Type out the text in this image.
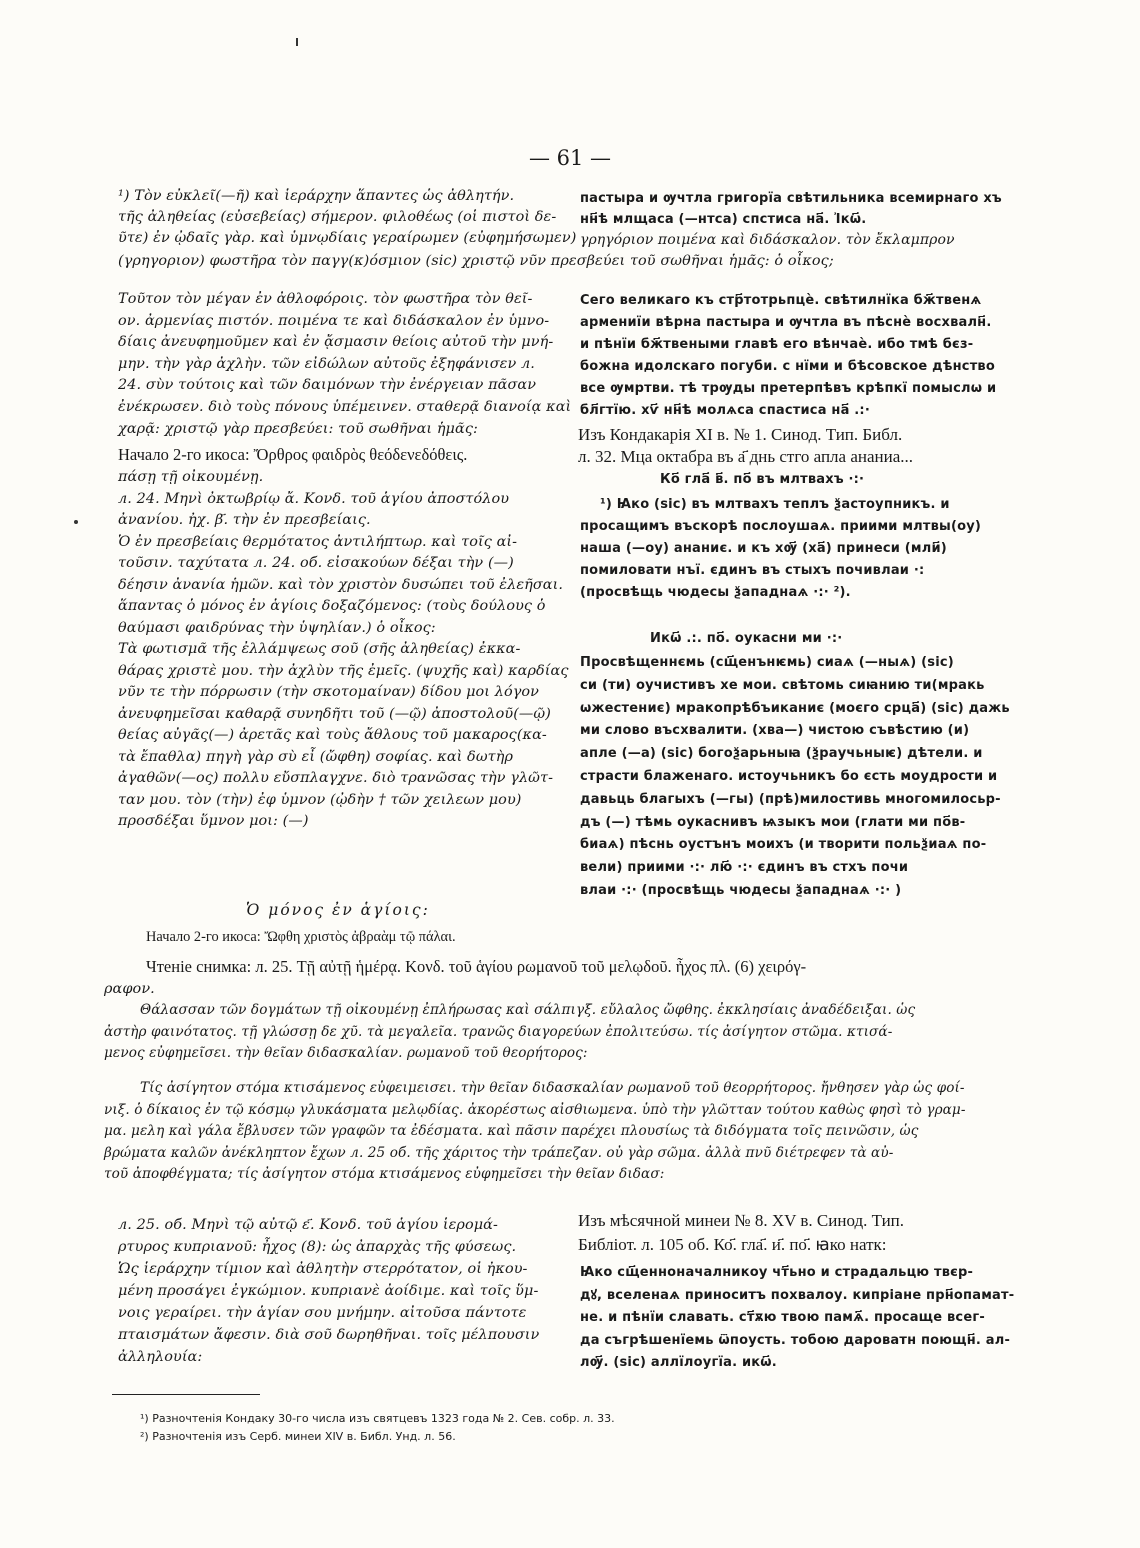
— 61 —
¹) Τὸν εὐκλεῖ(—ῆ) καὶ ἱεράρχην ἅπαντες ὡς ἀθλητήν.
τῆς ἀληθείας (εὐσεβείας) σήμερον. φιλοθέως (οἱ πιστοὶ δε-
ῦτε) ἐν ᾠδαῖς γὰρ. καὶ ὑμνῳδίαις γεραίρωμεν (εὐφημήσωμεν)
пастыра и ѹчтла григорїа свѣтильника всемирнаго хъ
нн҃ѣ млщаса (—нтса) спстиса на҃. Ἰкѡ҃.
γρηγόριον ποιμένα καὶ διδάσκαλον. τὸν ἔκλαμπρον
(γρηγοριον) φωστῆρα τὸν παγγ(κ)όσμιον (sic) χριστῷ νῦν πρεσβεύει τοῦ σωθῆναι ἡμᾶς: ὁ οἶκος;
Τοῦτον τὸν μέγαν ἐν ἀθλοφόροις. τὸν φωστῆρα τὸν θεῖ-
ον. ἀρμενίας πιστόν. ποιμένα τε καὶ διδάσκαλον ἐν ὑμνο-
δίαις ἀνευφημοῦμεν καὶ ἐν ᾄσμασιν θείοις αὐτοῦ τὴν μνή-
μην. τὴν γὰρ ἀχλὴν. τῶν εἰδώλων αὐτοῦς ἐξηφάνισεν л.
24. σὺν τούτοις καὶ τῶν δαιμόνων τὴν ἐνέργειαν πᾶσαν
ἐνέκρωσεν. διὸ τοὺς πόνους ὑπέμεινεν. σταθερᾷ διανοίᾳ καὶ
χαρᾷ: χριστῷ γὰρ πρεσβεύει: τοῦ σωθῆναι ἡμᾶς:
Начало 2-го икоса: Ὄρθρος φαιδρὸς θεόδενεδόθεις.
πάσῃ τῇ οἰκουμένῃ.
л. 24. Μηνὶ ὀκτωβρίῳ ἄ. Κονδ. τοῦ ἁγίου ἀποστόλου
ἀνανίου. ἠχ. β҃. τὴν ἐν πρεσβείαις.
Ὁ ἐν πρεσβείαις θερμότατος ἀντιλήπτωρ. καὶ τοῖς αἰ-
τοῦσιν. ταχύτατα л. 24. об. εἰσακούων δέξαι τὴν (—)
δέησιν ἀνανία ἡμῶν. καὶ τὸν χριστὸν δυσώπει τοῦ ἐλεῆσαι.
ἅπαντας ὁ μόνος ἐν ἁγίοις δοξαζόμενος: (τοὺς δούλους ὁ
θαύμασι φαιδρύνας τὴν ὑψηλίαν.) ὁ οἶκος:
Τὰ φωτισμᾶ τῆς ἐλλάμψεως σοῦ (σῆς ἀληθείας) ἐκκα-
θάρας χριστὲ μου. τὴν ἀχλὺν τῆς ἐμεῖς. (ψυχῆς καὶ) καρδίας
νῦν τε τὴν πόρρωσιν (τὴν σκοτομαίναν) δίδου μοι λόγον
ἀνευφημεῖσαι καθαρᾷ συνηδῆτι τοῦ (—ῷ) ἀποστολοῦ(—ῷ)
θείας αὐγᾶς(—) ἀρετᾶς καὶ τοὺς ἄθλους τοῦ μακαρος(κα-
τὰ ἔπαθλα) πηγὴ γὰρ σὺ εἶ (ὤφθη) σοφίας. καὶ δωτὴρ
ἀγαθῶν(—ος) πολλυ εὔσπλαγχνε. διὸ τρανῶσας τὴν γλῶτ-
ταν μου. τὸν (τὴν) ἐφ ὑμνον (ᾠδὴν † τῶν χειλεων μου)
προσδέξαι ὕμνον μοι: (—)
Ὁ μόνος ἐν ἁγίοις:
Сего великаго къ стр҃тотрьпцѐ. свѣтилнїка бж҃твенѧ
армениїи вѣрна пастыра и ѹчтла въ пѣснѐ восхвалн҃.
и пѣнїи бж҃твеными главѣ его вѣнчаѐ. ибо тмѣ бєз-
божна идолскаго погуби. с нїми и бѣсовское дѣнство
все ѹмртви. тѣ трѹды претерпѣвъ крѣпкї помыслѡ и
бл҃гтїю. хѵ҃ нн҃ѣ молѧса спастиса на҃ .:·
Изъ Кондакарія XI в. № 1. Синод. Тип. Библ.
л. 32. Мца октабра въ а҃ днь стго апла ананиа...
Ко҃ гла҃ в҃. по҃ въ млтвахъ ·:·
¹) Ꙗко (sic) въ млтвахъ теплъ ѯастоупникъ. и
просащимъ въскорѣ послоушаѧ. приими млтвы(оу)
наша (—оу) ананиє. и къ хѹ҃ (ха҃) принеси (мли҃)
помиловати нъї. єдинъ въ стыхъ почивлаи ·:
(просвѣщь чюдесы ѯападнаѧ ·:· ²).
Икѡ҃ .:. по҃. оукасни ми ·:·
Просвѣщеннємь (сщ҃енънѥмь) сиаѧ (—ныѧ) (sic)
си (ти) оучистивъ хе мои. свѣтомь сиꙗнию ти(мракь
ѡжестениє) мракопрѣбъиканиє (моєго срца҃) (sic) дажь
ми слово въсхвалити. (хва—) чистою съвѣстию (и)
апле (—а) (sic) богоѯарьныꙗ (ѯраучьныѥ) дѣтели. и
страсти блаженаго. истоучьникъ бо єсть моудрости и
давьць благыхъ (—гы) (прѣ)милостивь многомилосьр-
дъ (—) тѣмь оукаснивъ ѩзыкъ мои (глати ми по҃в-
биаѧ) пѣснь оустънъ моихъ (и творити польѯиаѧ по-
вели) приими ·:· лю҃ ·:· єдинъ въ стхъ почи
влаи ·:· (просвѣщь чюдесы ѯападнаѧ ·:· )
Начало 2-го икоса: Ὤφθη χριστὸς ἀβραὰμ τῷ πάλαι.
Чтеніе снимка: л. 25. Τῇ αὐτῇ ἡμέρᾳ. Κονδ. τοῦ ἁγίου ρωμανοῦ τοῦ μελῳδοῦ. ἦχος πλ. (6) χειρόγ-
ραφον.
Θάλασσαν τῶν δογμάτων τῇ οἰκουμένῃ ἐπλήρωσας καὶ σάλπιγξ. εὔλαλος ὤφθης. ἐκκλησίαις ἀναδέδειξαι. ὡς
ἀστὴρ φαινότατος. τῇ γλώσσῃ δε χῦ. τὰ μεγαλεῖα. τρανῶς διαγορεύων ἐπολιτεύσω. τίς ἀσίγητον στῶμα. κτισά-
μενος εὐφημεῖσει. τὴν θεῖαν διδασκαλίαν. ρωμανοῦ τοῦ θεορήτορος:
Τίς ἀσίγητον στόμα κτισάμενος εὐφειμεισει. τὴν θεῖαν διδασκαλίαν ρωμανοῦ τοῦ θεορρήτορος. ἤνθησεν γὰρ ὡς φοί-
νιξ. ὁ δίκαιος ἐν τῷ κόσμῳ γλυκάσματα μελῳδίας. ἀκορέστως αἰσθιωμενα. ὑπὸ τὴν γλῶτταν τούτου καθὼς φησὶ τὸ γραμ-
μα. μελη καὶ γάλα ἔβλυσεν τῶν γραφῶν τα ἐδέσματα. καὶ πᾶσιν παρέχει πλουσίως τὰ διδόγματα τοῖς πεινῶσιν, ὡς
βρώματα καλῶν ἀνέκληπτον ἔχων л. 25 об. τῆς χάριτος τὴν τράπεζαν. οὐ γὰρ σῶμα. ἀλλὰ πνῦ διέτρεφεν τὰ αὐ-
τοῦ ἀποφθέγματα; τίς ἀσίγητον στόμα κτισάμενος εὐφημεῖσει τὴν θεῖαν διδασ:
л. 25. об. Μηνὶ τῷ αὐτῷ ε҃. Κονδ. τοῦ ἁγίου ἱερομά-
ρτυρος κυπριανοῦ: ἦχος (8): ὡς ἀπαρχὰς τῆς φύσεως.
Ὡς ἱεράρχην τίμιον καὶ ἀθλητὴν στερρότατον, οἱ ἠκου-
μένη προσάγει ἐγκώμιον. κυπριανὲ ἀοίδιμε. καὶ τοῖς ὕμ-
νοις γεραίρει. τὴν ἁγίαν σου μνήμην. αἰτοῦσα πάντοτε
πταισμάτων ἄφεσιν. διὰ σοῦ δωρηθῆναι. τοῖς μέλπουσιν
ἀλληλουία:
Изъ мѣсячной минеи № 8. XV в. Синод. Тип.
Библіот. л. 105 об. Ко҃. гла҃. и҃. по҃. ꙗко натк:
Ꙗко сщ҃енноначалникоу чт҃ьно и страдальцю твєр-
дꙋ, вселенаѧ приноситъ похвалоу. кипріане прн҃опамат-
не. и пѣнїи славать. ст҃ѫю твою памѧ҃. просаще всег-
да съгрѣшенїемь ѿпоусть. тобою дароватн поющн҃. ал-
лѹ҃. (sic) аллїлоугїа. икѡ҃.
¹) Разночтенія Кондаку 30-го числа изъ святцевъ 1323 года № 2. Сев. собр. л. 33.
²) Разночтенія изъ Серб. минеи XIV в. Библ. Унд. л. 56.
